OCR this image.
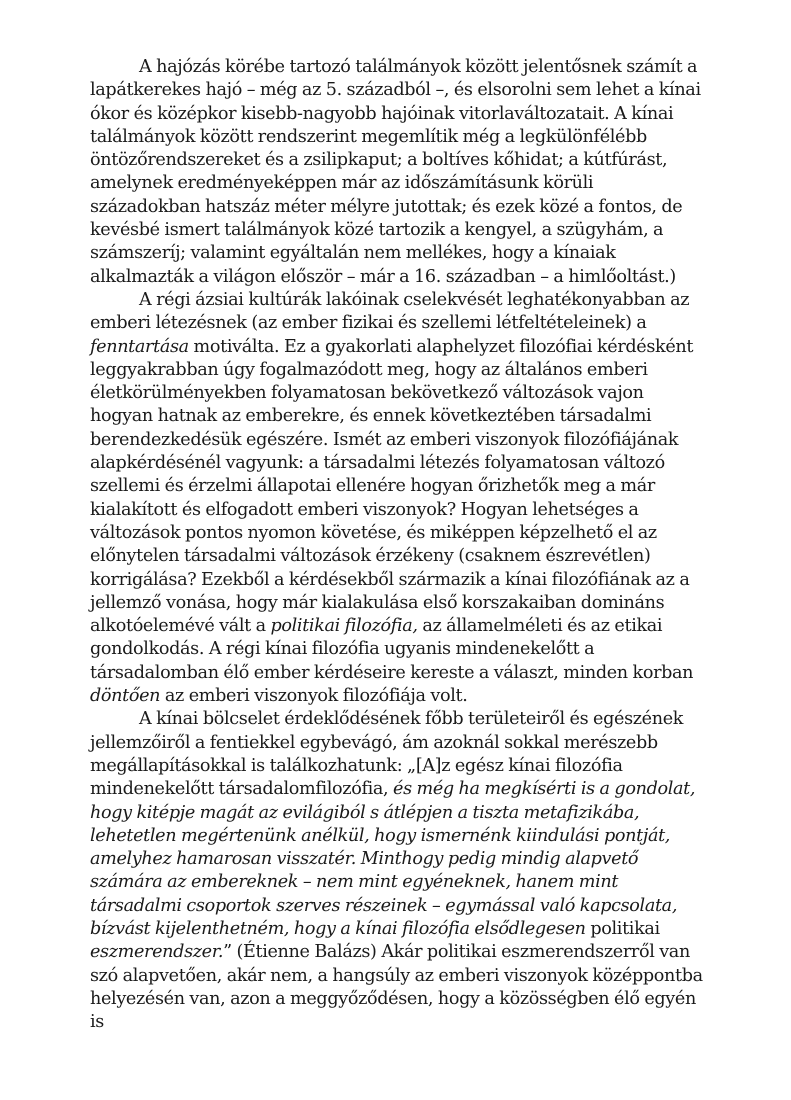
A hajózás körébe tartozó találmányok között jelentősnek számít a lapátkerekes hajó – még az 5. századból –, és elsorolni sem lehet a kínai ókor és középkor kisebb-nagyobb hajóinak vitorlaváltozatait. A kínai találmányok között rendszerint megemlítik még a legkülönfélébb öntözőrendszereket és a zsilipkaput; a boltíves kőhidat; a kútfúrást, amelynek eredményeképpen már az időszámításunk körüli századokban hatszáz méter mélyre jutottak; és ezek közé a fontos, de kevésbé ismert találmányok közé tartozik a kengyel, a szügyhám, a számszeríj; valamint egyáltalán nem mellékes, hogy a kínaiak alkalmazták a világon először – már a 16. században – a himlőoltást.)

A régi ázsiai kultúrák lakóinak cselekvését leghatékonyabban az emberi létezésnek (az ember fizikai és szellemi létfeltételeinek) a fenntartása motiválta. Ez a gyakorlati alaphelyzet filozófiai kérdésként leggyakrabban úgy fogalmazódott meg, hogy az általános emberi életkörülményekben folyamatosan bekövetkező változások vajon hogyan hatnak az emberekre, és ennek következtében társadalmi berendezkedésük egészére. Ismét az emberi viszonyok filozófiájának alapkérdésénél vagyunk: a társadalmi létezés folyamatosan változó szellemi és érzelmi állapotai ellenére hogyan őrizhetők meg a már kialakított és elfogadott emberi viszonyok? Hogyan lehetséges a változások pontos nyomon követése, és miképpen képzelhető el az előnytelen társadalmi változások érzékeny (csaknem észrevétlen) korrigálása? Ezekből a kérdésekből származik a kínai filozófiának az a jellemző vonása, hogy már kialakulása első korszakaiban domináns alkotóelemévé vált a politikai filozófia, az államelméleti és az etikai gondolkodás. A régi kínai filozófia ugyanis mindenekelőtt a társadalomban élő ember kérdéseire kereste a választ, minden korban döntően az emberi viszonyok filozófiája volt.

A kínai bölcselet érdeklődésének főbb területeiről és egészének jellemzőiről a fentiekkel egybevágó, ám azoknál sokkal merészebb megállapításokkal is találkozhatunk: „[A]z egész kínai filozófia mindenekelőtt társadalomfilozófia, és még ha megkísérti is a gondolat, hogy kitépje magát az evilágiból s átlépjen a tiszta metafizikába, lehetetlen megértenünk anélkül, hogy ismernénk kiindulási pontját, amelyhez hamarosan visszatér. Minthogy pedig mindig alapvető számára az embereknek – nem mint egyéneknek, hanem mint társadalmi csoportok szerves részeinek – egymással való kapcsolata, bízvást kijelenthetném, hogy a kínai filozófia elsődlegesen politikai eszmerendszer.” (Étienne Balázs) Akár politikai eszmerendszerről van szó alapvetően, akár nem, a hangsúly az emberi viszonyok középpontba helyezésén van, azon a meggyőződésen, hogy a közösségben élő egyén is
